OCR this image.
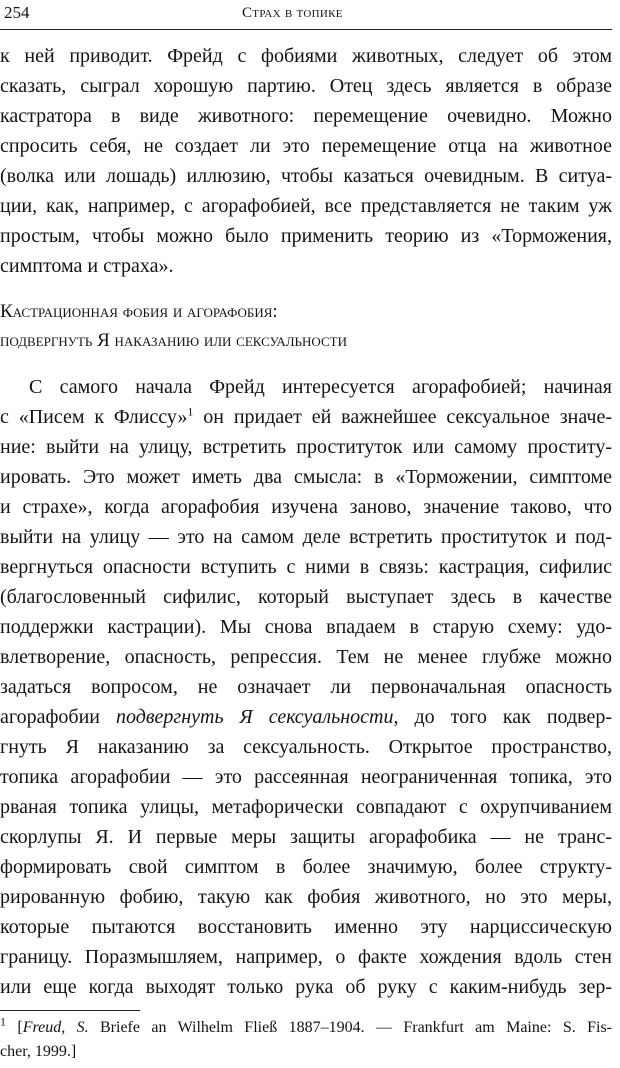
254	Страх в топике
к ней приводит. Фрейд с фобиями животных, следует об этом
сказать, сыграл хорошую партию. Отец здесь является в образе
кастратора в виде животного: перемещение очевидно. Можно
спросить себя, не создает ли это перемещение отца на животное
(волка или лошадь) иллюзию, чтобы казаться очевидным. В ситуа-
ции, как, например, с агорафобией, все представляется не таким уж
простым, чтобы можно было применить теорию из «Торможения,
симптома и страха».
Кастрационная фобия и агорафобия:
подвергнуть Я наказанию или сексуальности
С самого начала Фрейд интересуется агорафобией; начиная
с «Писем к Флиссу»$^1$ он придает ей важнейшее сексуальное значе-
ние: выйти на улицу, встретить проституток или самому проститу-
ировать. Это может иметь два смысла: в «Торможении, симптоме
и страхе», когда агорафобия изучена заново, значение таково, что
выйти на улицу — это на самом деле встретить проституток и под-
вергнуться опасности вступить с ними в связь: кастрация, сифилис
(благословенный сифилис, который выступает здесь в качестве
поддержки кастрации). Мы снова впадаем в старую схему: удо-
влетворение, опасность, репрессия. Тем не менее глубже можно
задаться вопросом, не означает ли первоначальная опасность
агорафобии подвергнуть Я сексуальности, до того как подвер-
гнуть Я наказанию за сексуальность. Открытое пространство,
топика агорафобии — это рассеянная неограниченная топика, это
рваная топика улицы, метафорически совпадают с охрупчиванием
скорлупы Я. И первые меры защиты агорафобика — не транс-
формировать свой симптом в более значимую, более структу-
рированную фобию, такую как фобия животного, но это меры,
которые пытаются восстановить именно эту нарциссическую
границу. Поразмышляем, например, о факте хождения вдоль стен
или еще когда выходят только рука об руку с каким-нибудь зер-
$^1$ [Freud, S. Briefe an Wilhelm Fließ 1887–1904. — Frankfurt am Maine: S. Fis-
cher, 1999.]
